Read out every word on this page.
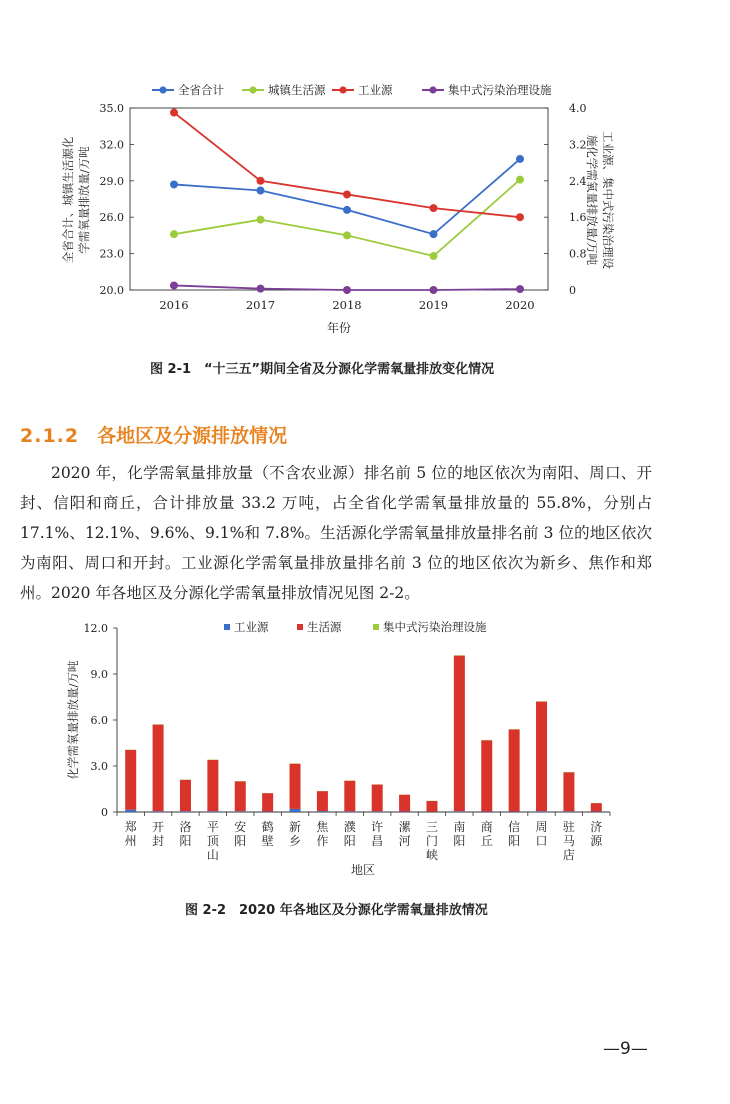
20.0
23.0
26.0
29.0
32.0
35.0
0
0.8
1.6
2.4
3.2
4.0
2016	2017	2018	2019	2020
年份
全省合计、城镇生活源化 学需氧量排放量/万吨	工业源、集中式污染治理设
施化学需氧量排放量/万吨
全省合计	城镇生活源	工业源	集中式污染治理设施
图 2-1　“十三五”期间全省及分源化学需氧量排放变化情况
2.1.2 各地区及分源排放情况

2020 年，化学需氧量排放量（不含农业源）排名前 5 位的地区依次为南阳、周口、开封、信阳和商丘，合计排放量 33.2 万吨，占全省化学需氧量排放量的 55.8%，分别占 17.1%、12.1%、9.6%、9.1%和 7.8%。生活源化学需氧量排放量排名前 3 位的地区依次为南阳、周口和开封。工业源化学需氧量排放量排名前 3 位的地区依次为新乡、焦作和郑州。2020 年各地区及分源化学需氧量排放情况见图 2-2。

0
3.0
6.0
9.0
12.0
化学需氧量排放量/万吨
工业源	生活源	集中式污染治理设施
郑州
开封
洛阳
平顶山
安阳
鹤壁
新乡
焦作
濮阳
许昌
漯河
三门峡
南阳
商丘
信阳
周口
驻马店
济源
地区
图 2-2　2020 年各地区及分源化学需氧量排放情况
—9—
